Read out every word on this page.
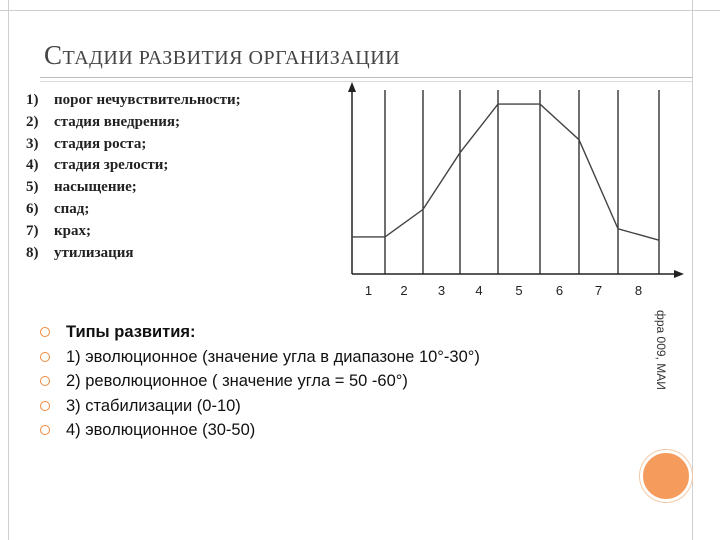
СТАДИИ РАЗВИТИЯ ОРГАНИЗАЦИИ
1) порог нечувствительности;
2) стадия внедрения;
3) стадия роста;
4) стадия зрелости;
5) насыщение;
6) спад;
7) крах;
8) утилизация
1 2 3 4	5	6 7	8
Типы развития:
1) эволюционное (значение угла в диапазоне 10°-30°)
2) революционное ( значение угла = 50 -60°)
3) стабилизации (0-10)
4) эволюционное (30-50)
фра 009, МАИ
